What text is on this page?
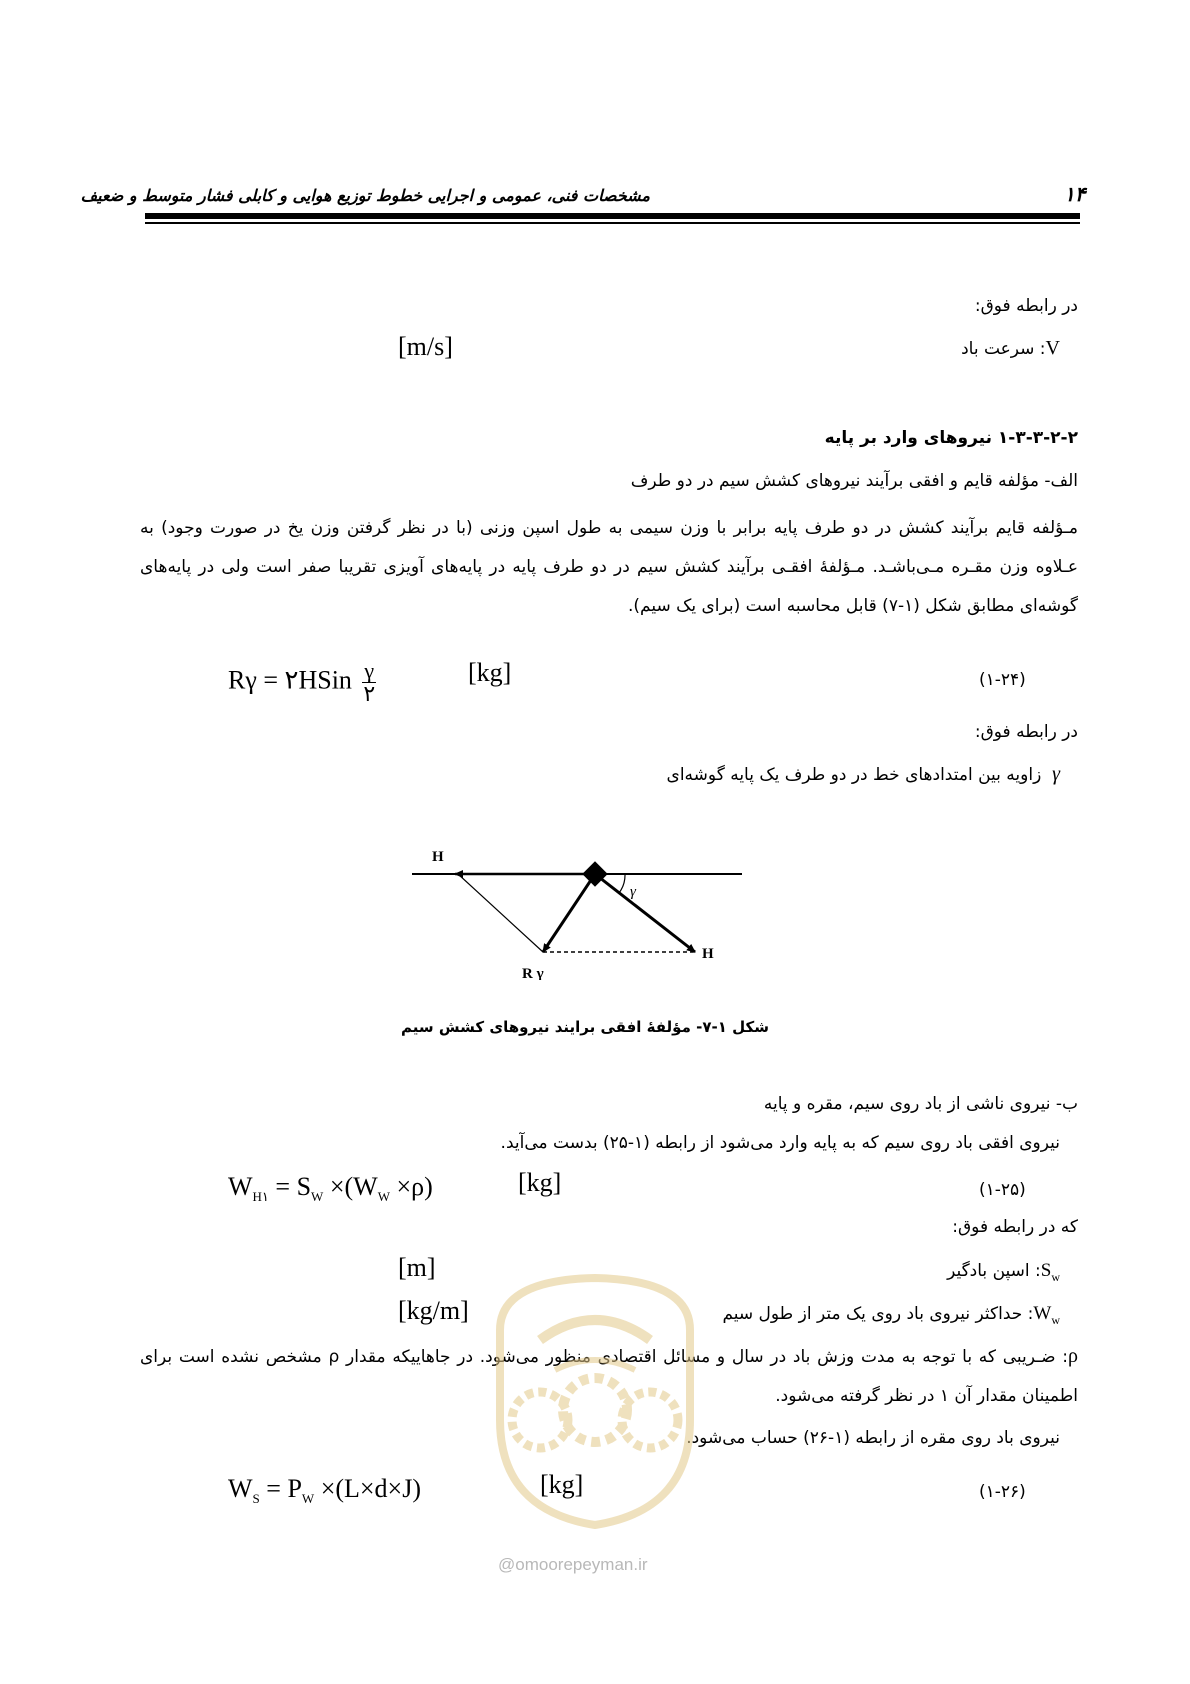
۱۴
مشخصات فنی، عمومی و اجرایی خطوط توزیع هوایی و کابلی فشار متوسط و ضعیف
در رابطه فوق:
V: سرعت باد
[m/s]
۱-۳-۳-۲-۲ نیروهای وارد بر پایه
الف- مؤلفه قایم و افقی برآیند نیروهای کشش سیم در دو طرف
مـؤلفه قایم برآیند کشش در دو طرف پایه برابر با وزن سیمی به طول اسپن وزنی (با در نظر گرفتن وزن یخ در صورت وجود) به عـلاوه وزن مقـره مـی‌باشـد. مـؤلفهٔ افقـی برآیند کشش سیم در دو طرف پایه در پایه‌های آویزی تقریبا صفر است ولی در پایه‌های گوشه‌ای مطابق شکل (۱-۷) قابل محاسبه است (برای یک سیم).
Rγ = ۲HSin γ
۲
[kg]	(۱-۲۴)
در رابطه فوق:
γ  زاویه بین امتدادهای خط در دو طرف یک پایه گوشه‌ای
H
H
R γ
γ
شکل ۱-۷- مؤلفهٔ افقی برایند نیروهای کشش سیم
ب- نیروی ناشی از باد روی سیم، مقره و پایه
نیروی افقی باد روی سیم که به پایه وارد می‌شود از رابطه (۱-۲۵) بدست می‌آید.
$W_{H۱} = S_W \times(W_W \times\rho)$	[kg]	(۱-۲۵)
که در رابطه فوق:
$S_w$: اسپن بادگیر
[m]
$W_w$: حداکثر نیروی باد روی یک متر از طول سیم
[kg/m]
ρ: ضـریبی که با توجه به مدت وزش باد در سال و مسائل اقتصادی منظور می‌شود. در جاهاییکه مقدار ρ مشخص نشده است برای اطمینان مقدار آن ۱ در نظر گرفته می‌شود.
نیروی باد روی مقره از رابطه (۱-۲۶) حساب می‌شود.
$W_S = P_W \times(L\times d\times J)$	[kg]	(۱-۲۶)
@omoorepeyman.ir
